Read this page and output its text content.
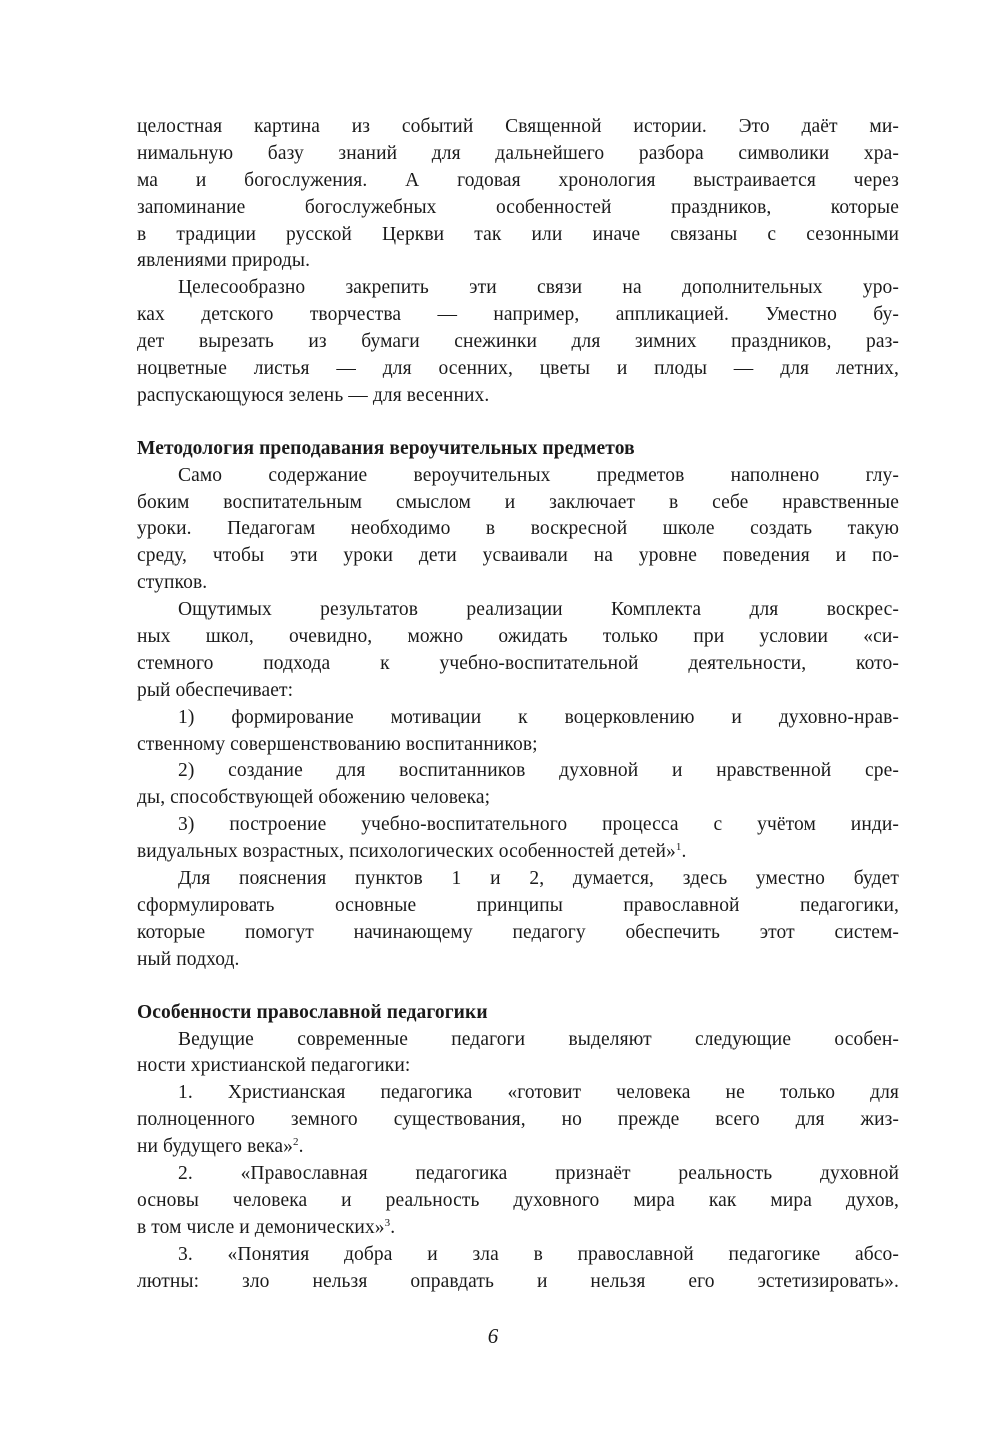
целостная картина из событий Священной истории. Это даёт ми-
нимальную базу знаний для дальнейшего разбора символики хра-
ма и богослужения. А годовая хронология выстраивается через
запоминание богослужебных особенностей праздников, которые
в традиции русской Церкви так или иначе связаны с сезонными
явлениями природы.
Целесообразно закрепить эти связи на дополнительных уро-
ках детского творчества — например, аппликацией. Уместно бу-
дет вырезать из бумаги снежинки для зимних праздников, раз-
ноцветные листья — для осенних, цветы и плоды — для летних,
распускающуюся зелень — для весенних.
Методология преподавания вероучительных предметов
Само содержание вероучительных предметов наполнено глу-
боким воспитательным смыслом и заключает в себе нравственные
уроки. Педагогам необходимо в воскресной школе создать такую
среду, чтобы эти уроки дети усваивали на уровне поведения и по-
ступков.
Ощутимых результатов реализации Комплекта для воскрес-
ных школ, очевидно, можно ожидать только при условии «си-
стемного подхода к учебно-воспитательной деятельности, кото-
рый обеспечивает:
1) формирование мотивации к воцерковлению и духовно-нрав-
ственному совершенствованию воспитанников;
2) создание для воспитанников духовной и нравственной сре-
ды, способствующей обожению человека;
3) построение учебно-воспитательного процесса с учётом инди-
видуальных возрастных, психологических особенностей детей»$^1$.
Для пояснения пунктов 1 и 2, думается, здесь уместно будет
сформулировать основные принципы православной педагогики,
которые помогут начинающему педагогу обеспечить этот систем-
ный подход.
Особенности православной педагогики
Ведущие современные педагоги выделяют следующие особен-
ности христианской педагогики:
1. Христианская педагогика «готовит человека не только для
полноценного земного существования, но прежде всего для жиз-
ни будущего века»$^2$.
2. «Православная педагогика признаёт реальность духовной
основы человека и реальность духовного мира как мира духов,
в том числе и демонических»$^3$.
3. «Понятия добра и зла в православной педагогике абсо-
лютны: зло нельзя оправдать и нельзя его эстетизировать».
6
